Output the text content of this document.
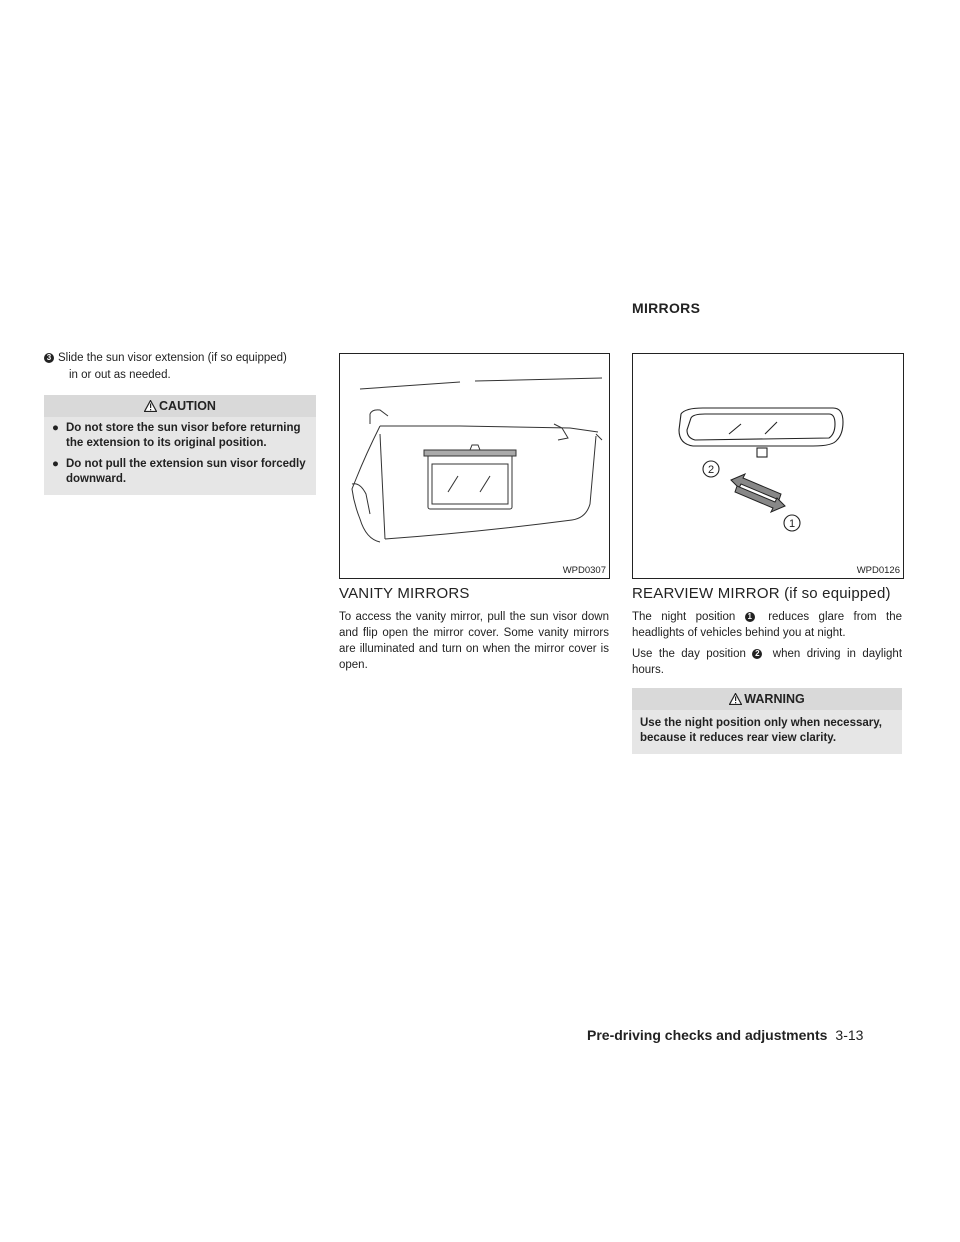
MIRRORS
3 Slide the sun visor extension (if so equipped)
in or out as needed.
CAUTION
● Do not store the sun visor before returning the extension to its original position.
● Do not pull the extension sun visor forcedly downward.
WPD0307
2
1
WPD0126
VANITY MIRRORS
To access the vanity mirror, pull the sun visor down and flip open the mirror cover. Some vanity mirrors are illuminated and turn on when the mirror cover is open.
REARVIEW MIRROR (if so equipped)
The night position 1 reduces glare from the headlights of vehicles behind you at night.
Use the day position 2 when driving in daylight hours.
WARNING
Use the night position only when necessary, because it reduces rear view clarity.
Pre-driving checks and adjustments 3-13
